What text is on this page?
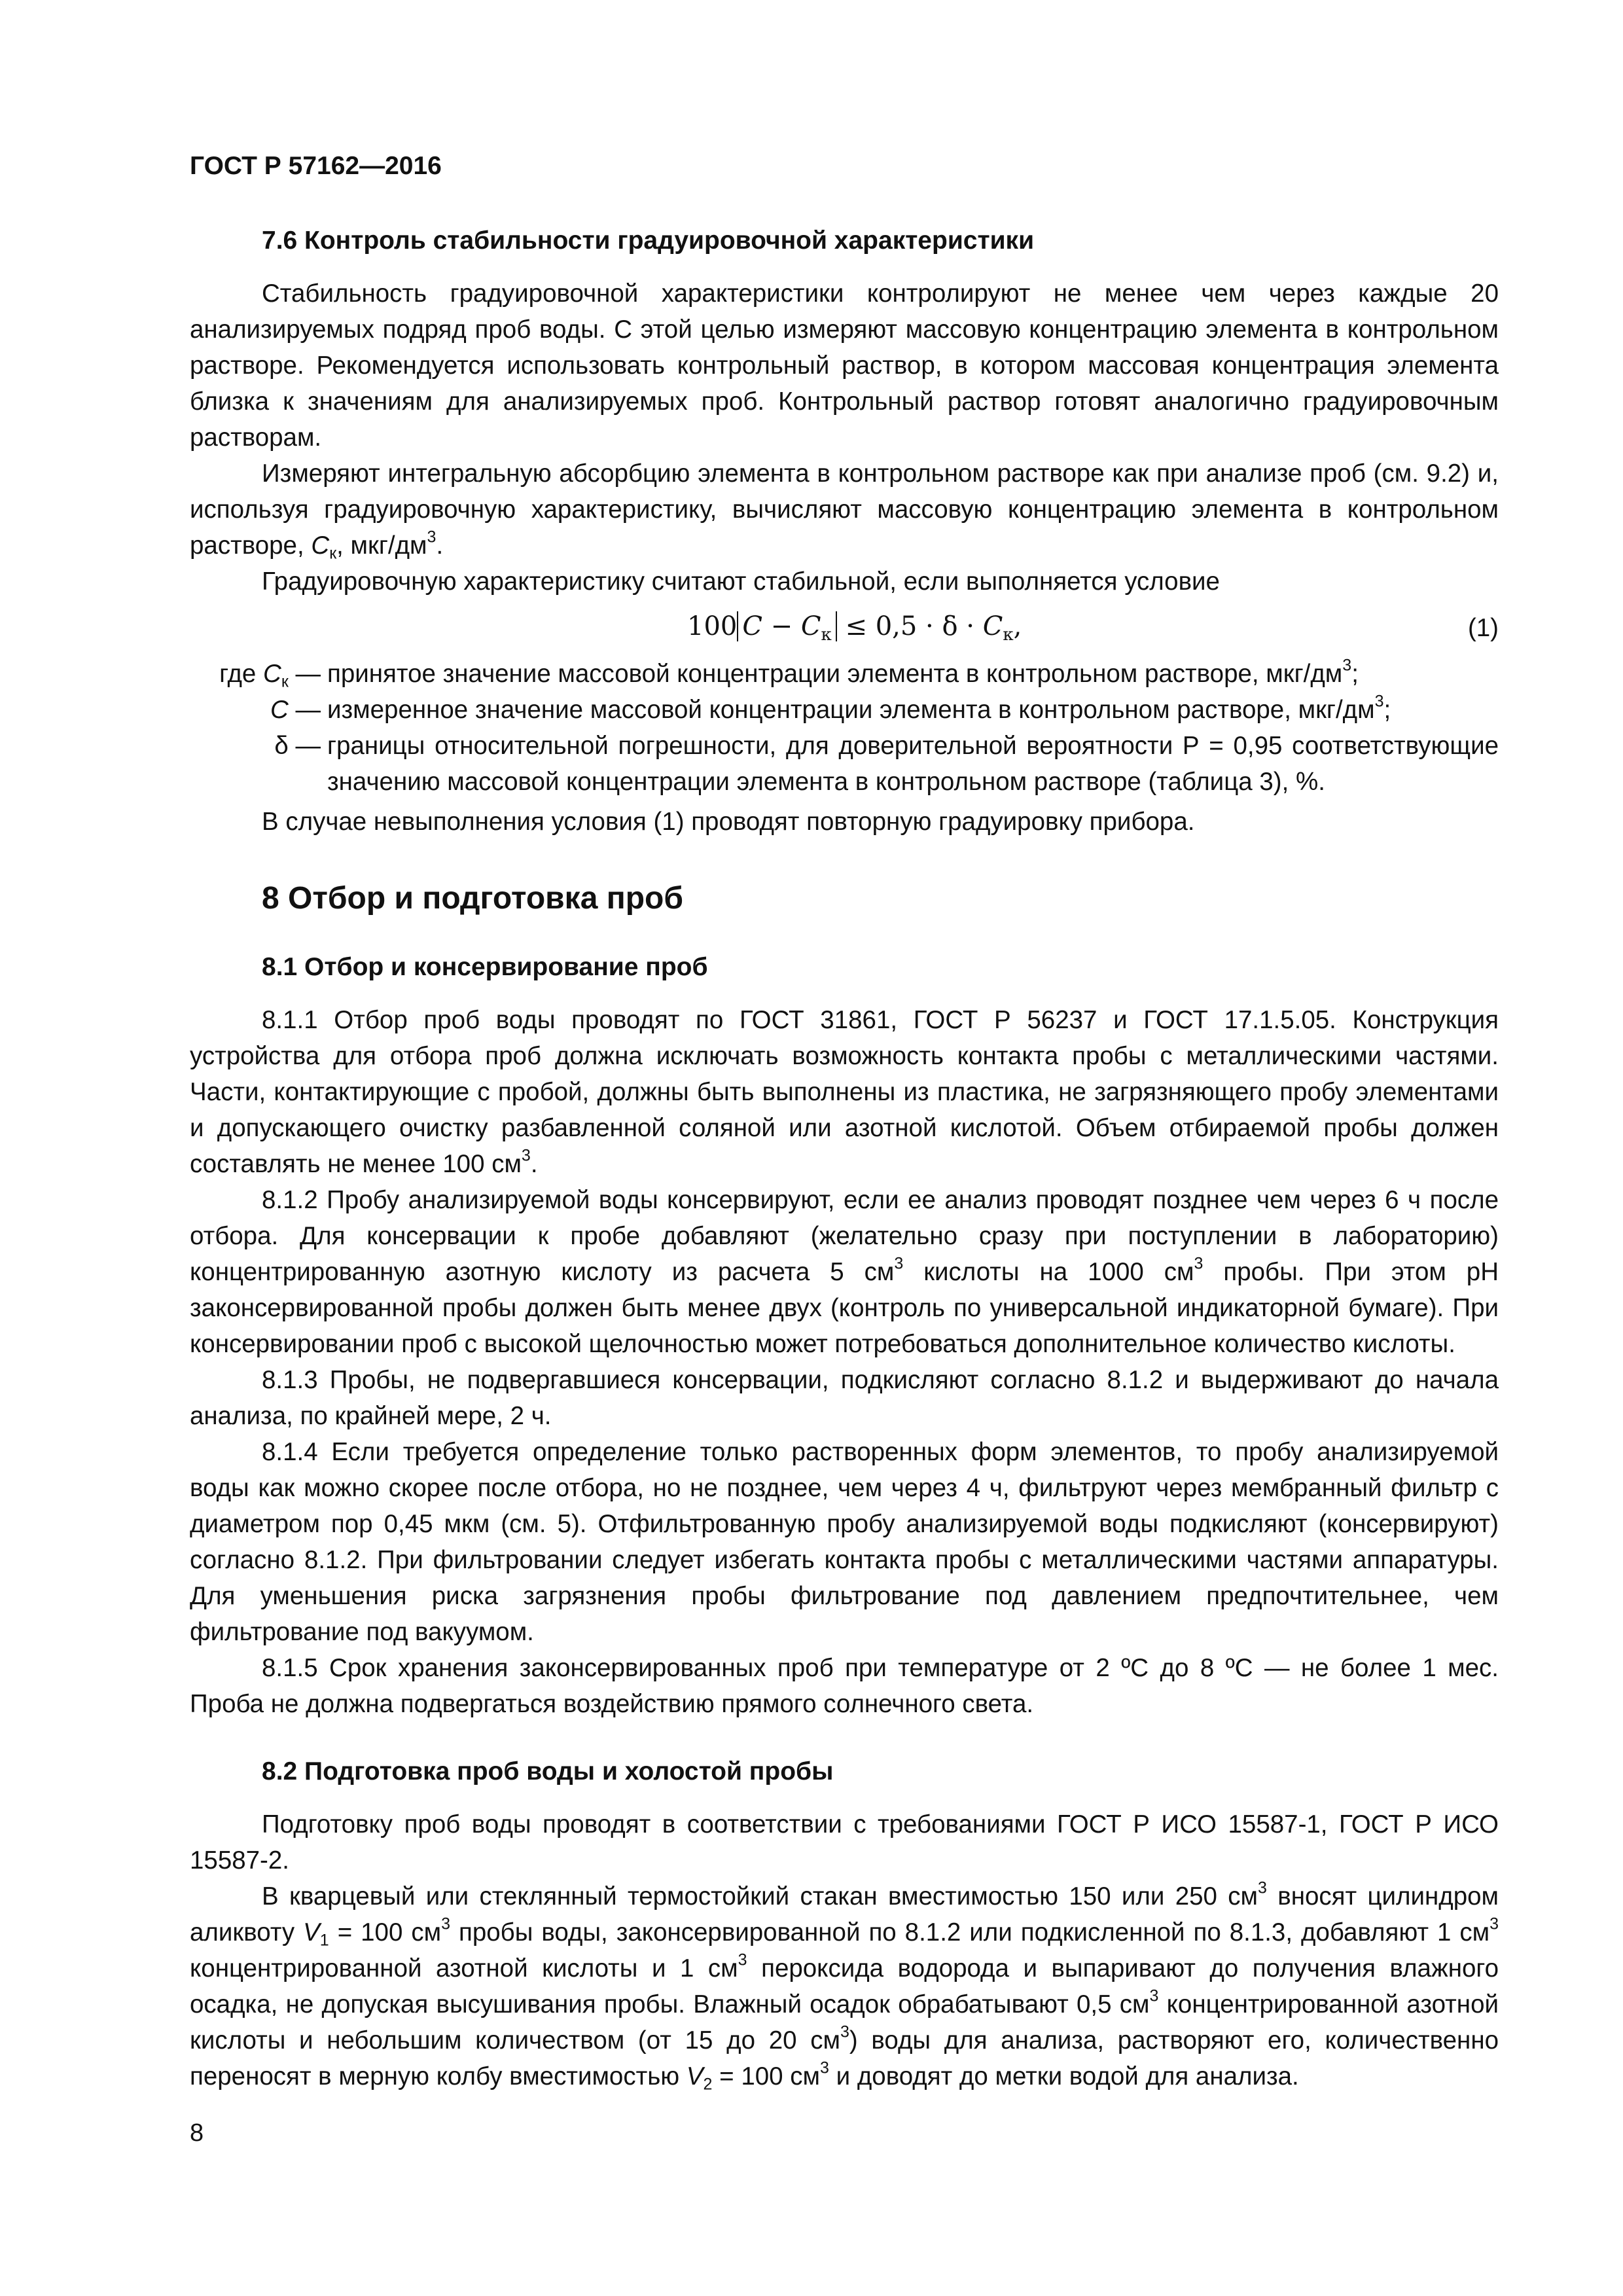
ГОСТ Р 57162—2016
7.6 Контроль стабильности градуировочной характеристики

Стабильность градуировочной характеристики контролируют не менее чем через каждые 20 анализируемых подряд проб воды. С этой целью измеряют массовую концентрацию элемента в контрольном растворе. Рекомендуется использовать контрольный раствор, в котором массовая концентрация элемента близка к значениям для анализируемых проб. Контрольный раствор готовят аналогично градуировочным растворам.

Измеряют интегральную абсорбцию элемента в контрольном растворе как при анализе проб (см. 9.2) и, используя градуировочную характеристику, вычисляют массовую концентрацию элемента в контрольном растворе, $C_к$, мкг/$дм^3$.

Градуировочную характеристику считают стабильной, если выполняется условие

100 $C - C_к \le 0,5 \cdot \delta \cdot C_к$,	(1)
где $C_к$ — принятое значение массовой концентрации элемента в контрольном растворе, мкг/$дм^3$;
C — измеренное значение массовой концентрации элемента в контрольном растворе, мкг/$дм^3$;
δ — границы относительной погрешности, для доверительной вероятности Р = 0,95 соответствующие значению массовой концентрации элемента в контрольном растворе (таблица 3), %.

В случае невыполнения условия (1) проводят повторную градуировку прибора.

8 Отбор и подготовка проб
8.1 Отбор и консервирование проб

8.1.1 Отбор проб воды проводят по ГОСТ 31861, ГОСТ Р 56237 и ГОСТ 17.1.5.05. Конструкция устройства для отбора проб должна исключать возможность контакта пробы с металлическими частями. Части, контактирующие с пробой, должны быть выполнены из пластика, не загрязняющего пробу элементами и допускающего очистку разбавленной соляной или азотной кислотой. Объем отбираемой пробы должен составлять не менее 100 $см^3$.

8.1.2 Пробу анализируемой воды консервируют, если ее анализ проводят позднее чем через 6 ч после отбора. Для консервации к пробе добавляют (желательно сразу при поступлении в лабораторию) концентрированную азотную кислоту из расчета 5 $см^3$ кислоты на 1000 $см^3$ пробы. При этом pH законсервированной пробы должен быть менее двух (контроль по универсальной индикаторной бумаге). При консервировании проб с высокой щелочностью может потребоваться дополнительное количество кислоты.

8.1.3 Пробы, не подвергавшиеся консервации, подкисляют согласно 8.1.2 и выдерживают до начала анализа, по крайней мере, 2 ч.

8.1.4 Если требуется определение только растворенных форм элементов, то пробу анализируемой воды как можно скорее после отбора, но не позднее, чем через 4 ч, фильтруют через мембранный фильтр с диаметром пор 0,45 мкм (см. 5). Отфильтрованную пробу анализируемой воды подкисляют (консервируют) согласно 8.1.2. При фильтровании следует избегать контакта пробы с металлическими частями аппаратуры. Для уменьшения риска загрязнения пробы фильтрование под давлением предпочтительнее, чем фильтрование под вакуумом.

8.1.5 Срок хранения законсервированных проб при температуре от 2 ºС до 8 ºС — не более 1 мес. Проба не должна подвергаться воздействию прямого солнечного света.

8.2 Подготовка проб воды и холостой пробы

Подготовку проб воды проводят в соответствии с требованиями ГОСТ Р ИСО 15587-1, ГОСТ Р ИСО 15587-2.

В кварцевый или стеклянный термостойкий стакан вместимостью 150 или 250 $см^3$ вносят цилиндром аликвоту $V_1 = 100$ $см^3$ пробы воды, законсервированной по 8.1.2 или подкисленной по 8.1.3, добавляют 1 $см^3$ концентрированной азотной кислоты и 1 $см^3$ пероксида водорода и выпаривают до получения влажного осадка, не допуская высушивания пробы. Влажный осадок обрабатывают 0,5 $см^3$ концентрированной азотной кислоты и небольшим количеством (от 15 до 20 $см^3$) воды для анализа, растворяют его, количественно переносят в мерную колбу вместимостью $V_2 = 100$ $см^3$ и доводят до метки водой для анализа.

8
